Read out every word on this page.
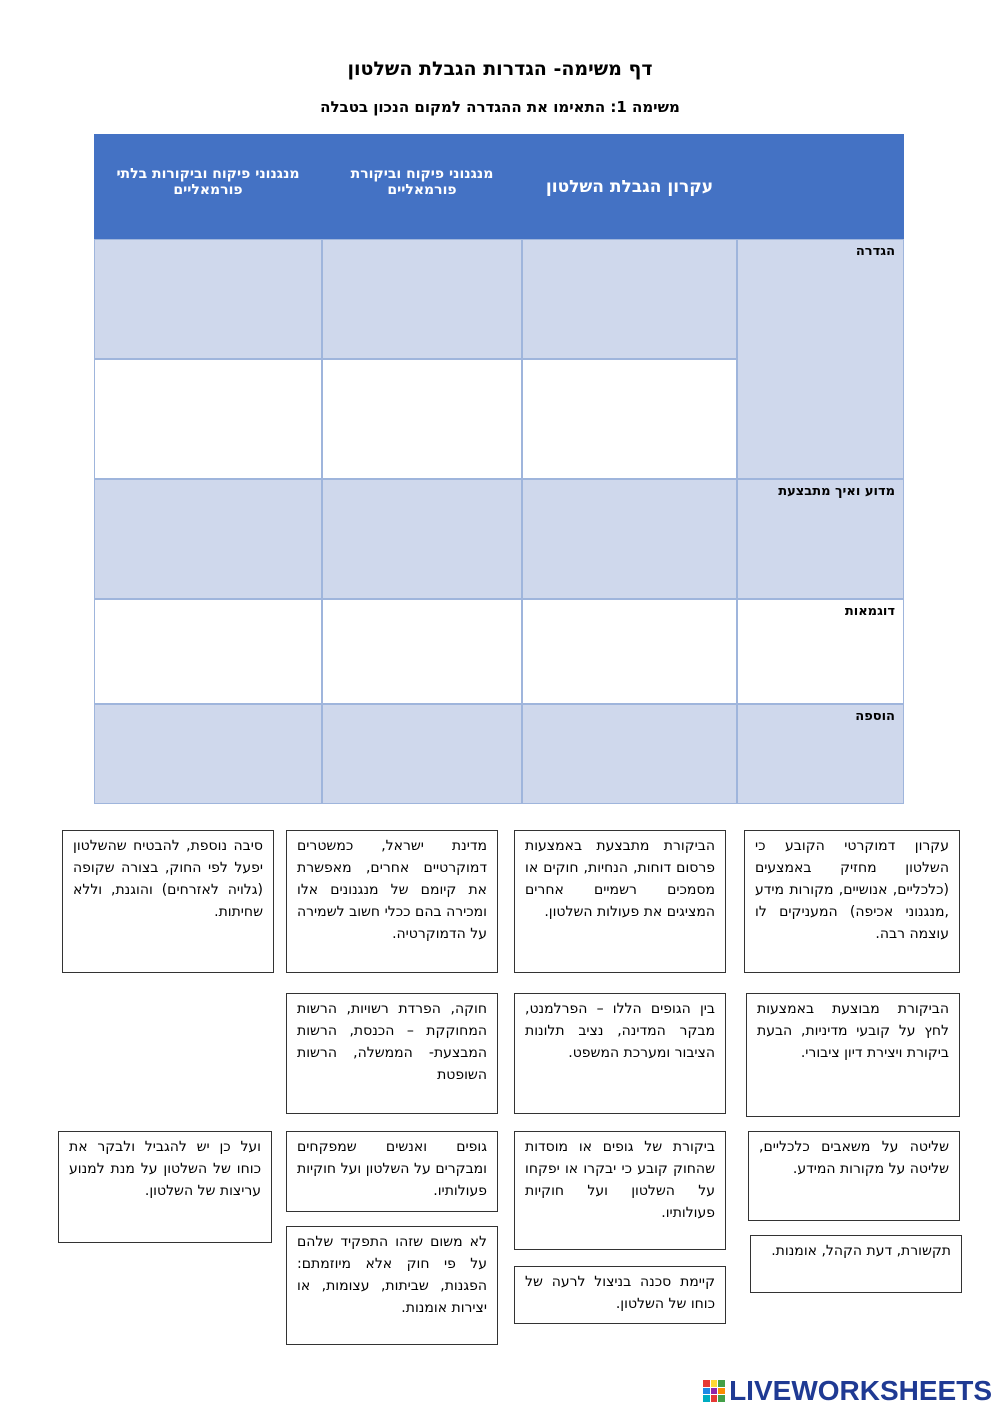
דף משימה- הגדרות הגבלת השלטון
משימה 1: התאימו את ההגדרה למקום הנכון בטבלה
מנגנוני פיקוח וביקורות בלתי פורמאליים
מנגנוני פיקוח וביקורת פורמאליים	עקרון הגבלת השלטון
הגדרה
מדוע ואיך מתבצעת
דוגמאות
הוספה
עקרון דמוקרטי הקובע כי השלטון מחזיק באמצעים (כלכליים, אנושיים, מקורות מידע ,מנגנוני אכיפה) המעניקים לו עוצמה רבה.
הביקורת מתבצעת באמצעות פרסום דוחות, הנחיות, חוקים או מסמכים רשמיים אחרים המציגים את פעולות השלטון.
מדינת ישראל, כמשטרים דמוקרטיים אחרים, מאפשרת את קיומם של מנגנונים אלו ומכירה בהם ככלי חשוב לשמירה על הדמוקרטיה.
סיבה נוספת, להבטיח שהשלטון יפעל לפי החוק, בצורה שקופה (גלויה לאזרחים) והוגנת, וללא שחיתות.
הביקורת מבוצעת באמצעות לחץ על קובעי מדיניות, הבעת ביקורת ויצירת דיון ציבורי.
בין הגופים הללו – הפרלמנט, מבקר המדינה, נציב תלונות הציבור ומערכת המשפט.
חוקה, הפרדת רשויות, הרשות המחוקקת – הכנסת, הרשות המבצעת- הממשלה, הרשות השופטת
שליטה על משאבים כלכליים, שליטה על מקורות המידע.
ביקורת של גופים או מוסדות שהחוק קובע כי יבקרו או יפקחו על השלטון ועל חוקיות פעולותיו.
גופים ואנשים שמפקחים ומבקרים על השלטון ועל חוקיות פעולותיו.
ועל כן יש להגביל ולבקר את כוחו של השלטון על מנת למנוע עריצות של השלטון.
תקשורת, דעת הקהל, אומנות.
קיימת סכנה בניצול לרעה של כוחו של השלטון.
לא משום שזהו התפקיד שלהם על פי חוק אלא מיוזמתם: הפגנות, שביתות, עצומות, או יצירות אומנות.
LIVEWORKSHEETS
